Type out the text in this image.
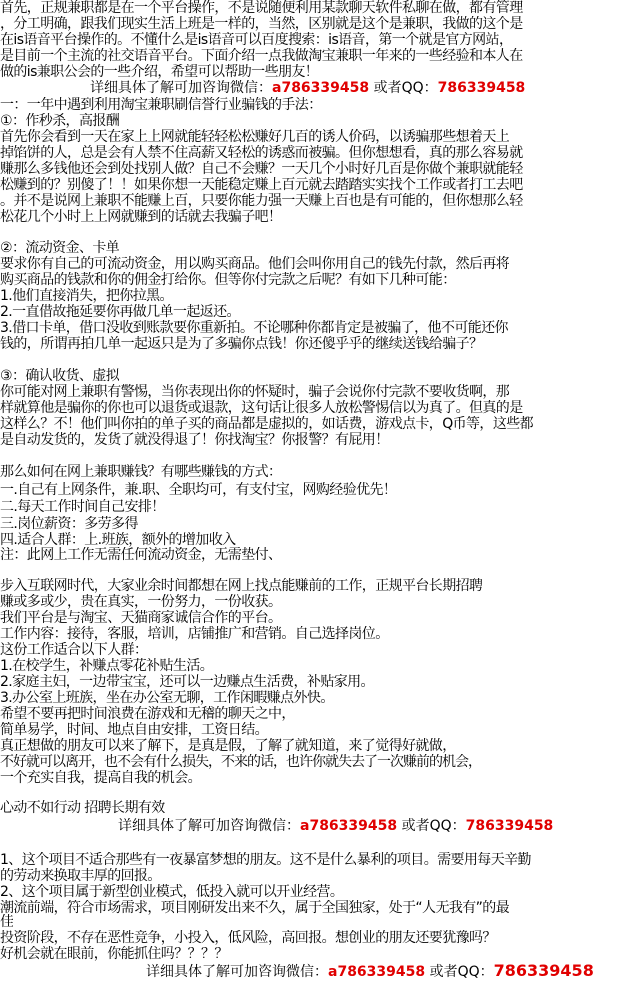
首先，正规兼职都是在一个平台操作，不是说随便利用某款聊天软件私聊在做，都有管理
，分工明确，跟我们现实生活上班是一样的，当然，区别就是这个是兼职，我做的这个是
在is语音平台操作的。不懂什么是is语音可以百度搜索：is语音，第一个就是官方网站，
是目前一个主流的社交语音平台。下面介绍一点我做淘宝兼职一年来的一些经验和本人在
做的is兼职公会的一些介绍，希望可以帮助一些朋友！
详细具体了解可加咨询微信：a786339458 或者QQ：786339458
一：一年中遇到利用淘宝兼职刷信誉行业骗钱的手法：
①：作秒杀，高报酬
首先你会看到一天在家上上网就能轻轻松松赚好几百的诱人价码，以诱骗那些想着天上
掉馅饼的人，总是会有人禁不住高薪又轻松的诱惑而被骗。但你想想看，真的那么容易就
赚那么多钱他还会到处找别人做？自己不会赚？一天几个小时好几百是你做个兼职就能轻
松赚到的？别傻了！！如果你想一天能稳定赚上百元就去踏踏实实找个工作或者打工去吧
。并不是说网上兼职不能赚上百，只要你能力强一天赚上百也是有可能的，但你想那么轻
松花几个小时上上网就赚到的话就去我骗子吧！
②：流动资金、卡单
要求你有自己的可流动资金，用以购买商品。他们会叫你用自己的钱先付款，然后再将
购买商品的钱款和你的佣金打给你。但等你付完款之后呢？有如下几种可能：
1.他们直接消失，把你拉黑。
2.一直借故拖延要你再做几单一起返还。
3.借口卡单，借口没收到账款要你重新拍。不论哪种你都肯定是被骗了，他不可能还你
钱的，所谓再拍几单一起返只是为了多骗你点钱！你还傻乎乎的继续送钱给骗子？
③：确认收货、虚拟
你可能对网上兼职有警惕，当你表现出你的怀疑时，骗子会说你付完款不要收货啊，那
样就算他是骗你的你也可以退货或退款，这句话让很多人放松警惕信以为真了。但真的是
这样么？不！他们叫你拍的单子买的商品都是虚拟的，如话费，游戏点卡，Q币等，这些都
是自动发货的，发货了就没得退了！你找淘宝？你报警？有屁用！
那么如何在网上兼职赚钱？有哪些赚钱的方式：
一.自己有上网条件，兼.职、全职均可，有支付宝，网购经验优先！
二.每天工作时间自己安排！
三.岗位薪资：多劳多得
四.适合人群：上.班族，额外的增加收入
注：此网上工作无需任何流动资金，无需垫付、
步入互联网时代，大家业余时间都想在网上找点能赚前的工作，正规平台长期招聘
赚或多或少，贵在真实，一份努力，一份收获。
我们平台是与淘宝、天猫商家诚信合作的平台。
工作内容：接待，客服，培训，店铺推广和营销。自己选择岗位。
这份工作适合以下人群：
1.在校学生，补赚点零花补贴生活。
2.家庭主妇，一边带宝宝，还可以一边赚点生活费，补贴家用。
3.办公室上班族，坐在办公室无聊，工作闲暇赚点外快。
希望不要再把时间浪费在游戏和无稽的聊天之中，
简单易学，时间、地点自由安排，工资日结。
真正想做的朋友可以来了解下，是真是假，了解了就知道，来了觉得好就做，
不好就可以离开，也不会有什么损失，不来的话，也许你就失去了一次赚前的机会，
一个充实自我，提高自我的机会。
心动不如行动 招聘长期有效
详细具体了解可加咨询微信：a786339458 或者QQ：786339458
1、这个项目不适合那些有一夜暴富梦想的朋友。这不是什么暴利的项目。需要用每天辛勤
的劳动来换取丰厚的回报。
2、这个项目属于新型创业模式，低投入就可以开业经营。
潮流前端，符合市场需求，项目刚研发出来不久，属于全国独家，处于“人无我有”的最
佳
投资阶段，不存在恶性竞争，小投入，低风险，高回报。想创业的朋友还要犹豫吗？
好机会就在眼前，你能抓住吗？？？？
详细具体了解可加咨询微信：a786339458 或者QQ：786339458
